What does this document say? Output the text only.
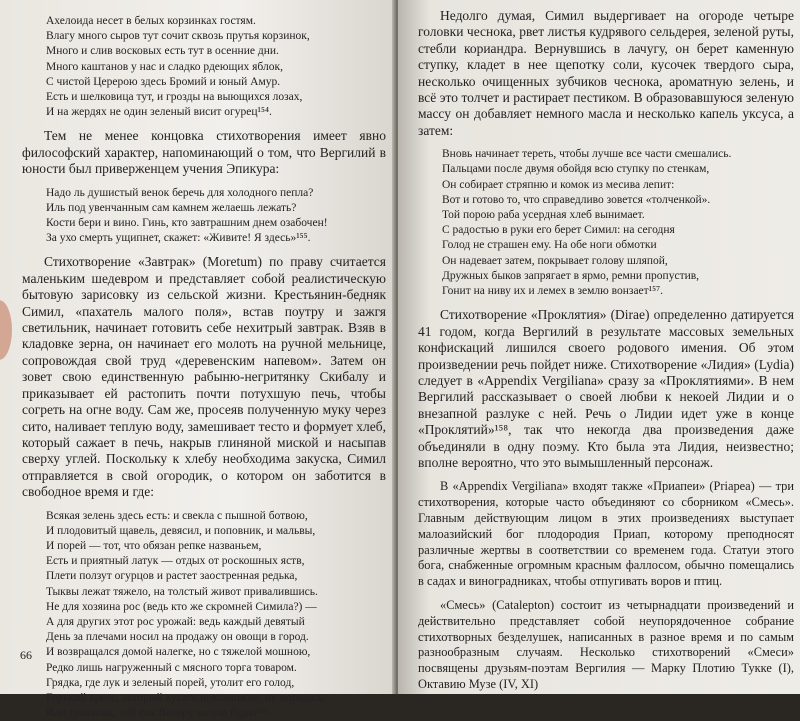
Ахелоида несет в белых корзинках гостям.
Влагу много сыров тут сочит сквозь прутья корзинок,
Много и слив восковых есть тут в осенние дни.
Много каштанов у нас и сладко рдеющих яблок,
С чистой Церерою здесь Бромий и юный Амур.
Есть и шелковица тут, и грозды на выющихся лозах,
И на жердях не один зеленый висит огурец¹⁵⁴.

Тем не менее концовка стихотворения имеет явно философский характер, напоминающий о том, что Вергилий в юности был приверженцем учения Эпикура:

Надо ль душистый венок беречь для холодного пепла?
Иль под увенчанным сам камнем желаешь лежать?
Кости бери и вино. Гинь, кто завтрашним днем озабочен!
За ухо смерть ущипнет, скажет: «Живите! Я здесь»¹⁵⁵.

Стихотворение «Завтрак» (Moretum) по праву считается маленьким шедевром и представляет собой реалистическую бытовую зарисовку из сельской жизни. Крестьянин-бедняк Симил, «пахатель малого поля», встав поутру и зажгя светильник, начинает готовить себе нехитрый завтрак. Взяв в кладовке зерна, он начинает его молоть на ручной мельнице, сопровождая свой труд «деревенским напевом». Затем он зовет свою единственную рабыню-негритянку Скибалу и приказывает ей растопить почти потухшую печь, чтобы согреть на огне воду. Сам же, просеяв полученную муку через сито, наливает теплую воду, замешивает тесто и формует хлеб, который сажает в печь, накрыв глиняной миской и насыпав сверху углей. Поскольку к хлебу необходима закуска, Симил отправляется в свой огородик, о котором он заботится в свободное время и где:

Всякая зелень здесь есть: и свекла с пышной ботвою,
И плодовитый щавель, девясил, и поповник, и мальвы,
И порей — тот, что обязан репке названьем,
Есть и приятный латук — отдых от роскошных яств,
Плети ползут огурцов и растет заостренная редька,
Тыквы лежат тяжело, на толстый живот привалившись.
Не для хозяина рос (ведь кто же скромней Симила?) —
А для других этот рос урожай: ведь каждый девятый
День за плечами носил на продажу он овощи в город.
И возвращался домой налегке, но с тяжелой мошною,
Редко лишь нагруженный с мясного торга товаром.
Грядка, где лук и зеленый порей, утолит его голод,
Горький кресс, который кусать невозможно, не морщась,
Или гулявник, чей сок Венеру вялую будит¹⁵⁶.
66

Недолго думая, Симил выдергивает на огороде четыре головки чеснока, рвет листья кудрявого сельдерея, зеленой руты, стебли кориандра. Вернувшись в лачугу, он берет каменную ступку, кладет в нее щепотку соли, кусочек твердого сыра, несколько очищенных зубчиков чеснока, ароматную зелень, и всё это толчет и растирает пестиком. В образовавшуюся зеленую массу он добавляет немного масла и несколько капель уксуса, а затем:

Вновь начинает тереть, чтобы лучше все части смешались.
Пальцами после двумя обойдя всю ступку по стенкам,
Он собирает стряпню и комок из месива лепит:
Вот и готово то, что справедливо зовется «толченкой».
Той порою раба усердная хлеб вынимает.
С радостью в руки его берет Симил: на сегодня
Голод не страшен ему. На обе ноги обмотки
Он надевает затем, покрывает голову шляпой,
Дружных быков запрягает в ярмо, ремни пропустив,
Гонит на ниву их и лемех в землю вонзает¹⁵⁷.

Стихотворение «Проклятия» (Dirae) определенно датируется 41 годом, когда Вергилий в результате массовых земельных конфискаций лишился своего родового имения. Об этом произведении речь пойдет ниже. Стихотворение «Лидия» (Lydia) следует в «Appendix Vergiliana» сразу за «Проклятиями». В нем Вергилий рассказывает о своей любви к некоей Лидии и о внезапной разлуке с ней. Речь о Лидии идет уже в конце «Проклятий»¹⁵⁸, так что некогда два произведения даже объединяли в одну поэму. Кто была эта Лидия, неизвестно; вполне вероятно, что это вымышленный персонаж.

В «Appendix Vergiliana» входят также «Приапеи» (Priapea) — три стихотворения, которые часто объединяют со сборником «Смесь». Главным действующим лицом в этих произведениях выступает малоазийский бог плодородия Приап, которому преподносят различные жертвы в соответствии со временем года. Статуи этого бога, снабженные огромным красным фаллосом, обычно помещались в садах и виноградниках, чтобы отпугивать воров и птиц.

«Смесь» (Catalepton) состоит из четырнадцати произведений и действительно представляет собой неупорядоченное собрание стихотворных безделушек, написанных в разное время и по самым разнообразным случаям. Несколько стихотворений «Смеси» посвящены друзьям-поэтам Вергилия — Марку Плотию Тукке (I), Октавию Музе (IV, XI)
